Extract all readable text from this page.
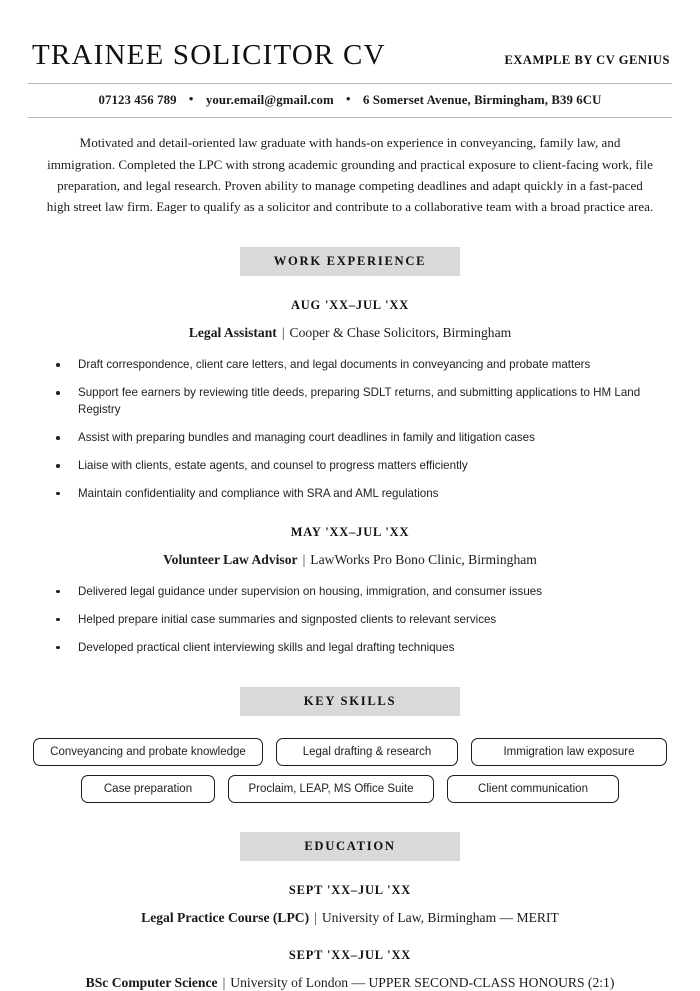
TRAINEE SOLICITOR CV	EXAMPLE BY CV GENIUS
07123 456 789 • your.email@gmail.com • 6 Somerset Avenue, Birmingham, B39 6CU
Motivated and detail-oriented law graduate with hands-on experience in conveyancing, family law, and immigration. Completed the LPC with strong academic grounding and practical exposure to client-facing work, file preparation, and legal research. Proven ability to manage competing deadlines and adapt quickly in a fast-paced high street law firm. Eager to qualify as a solicitor and contribute to a collaborative team with a broad practice area.
WORK EXPERIENCE
AUG 'XX–JUL 'XX
Legal Assistant | Cooper & Chase Solicitors, Birmingham
Draft correspondence, client care letters, and legal documents in conveyancing and probate matters
Support fee earners by reviewing title deeds, preparing SDLT returns, and submitting applications to HM Land Registry
Assist with preparing bundles and managing court deadlines in family and litigation cases
Liaise with clients, estate agents, and counsel to progress matters efficiently
Maintain confidentiality and compliance with SRA and AML regulations
MAY 'XX–JUL 'XX
Volunteer Law Advisor | LawWorks Pro Bono Clinic, Birmingham
Delivered legal guidance under supervision on housing, immigration, and consumer issues
Helped prepare initial case summaries and signposted clients to relevant services
Developed practical client interviewing skills and legal drafting techniques
KEY SKILLS
Conveyancing and probate knowledge	Legal drafting & research	Immigration law exposure
Case preparation	Proclaim, LEAP, MS Office Suite	Client communication
EDUCATION
SEPT 'XX–JUL 'XX
Legal Practice Course (LPC) | University of Law, Birmingham — MERIT
SEPT 'XX–JUL 'XX
BSc Computer Science | University of London — UPPER SECOND-CLASS HONOURS (2:1)
